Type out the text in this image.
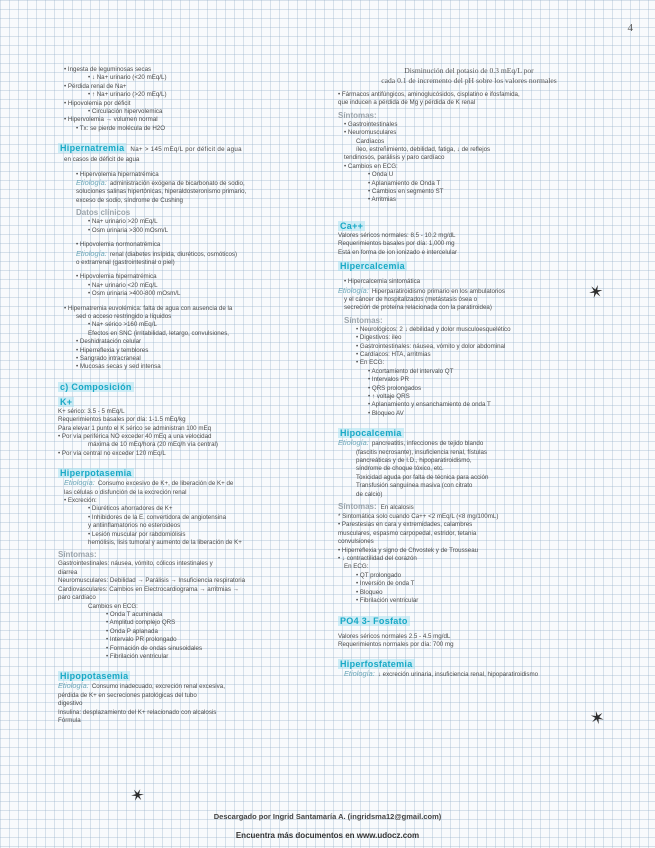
4
• Ingesta de leguminosas secas
• ↓ Na+ urinario (<20 mEq/L)
• Pérdida renal de Na+
• ↑ Na+ urinario (>20 mEq/L)
• Hipovolemia por déficit
• Circulación hipervolemica
• Hipervolemia → volumen normal
• Tx: se pierde molécula de H2O
Hipernatremia Na+ > 145 mEq/L por déficit de agua
en casos de déficit de agua
• Hipervolemia hipernatrémica
Etiología: administración exógena de bicarbonato de sodio,
soluciones salinas hipertónicas, hiperaldosteronismo primario,
exceso de sodio, síndrome de Cushing
Datos clínicos
• Na+ urinario >20 mEq/L
• Osm urinaria >300 mOsm/L
• Hipovolemia normonatrémica
Etiología: renal (diabetes insípida, diuréticos, osmóticos)
o extrarrenal (gastrointestinal o piel)
• Hipovolemia hipernatrémica
• Na+ urinario <20 mEq/L
• Osm urinaria >400-800 mOsm/L
• Hipernatremia euvolémica: falta de agua con ausencia de la
sed o acceso restringido a líquidos
• Na+ sérico >160 mEq/L
Efectos en SNC (irritabilidad, letargo, convulsiones,
• Deshidratación celular
• Hiperreflexia y temblores
• Sangrado intracraneal
• Mucosas secas y sed intensa
c) Composición
K+
K+ sérico: 3.5 - 5 mEq/L
Requerimientos basales por día: 1-1.5 mEq/kg
Para elevar 1 punto el K sérico se administran 100 mEq
• Por vía periférica NO exceder 40 mEq a una velocidad
máxima de 10 mEq/hora (20 mEq/h vía central)
• Por vía central no exceder 120 mEq/L
Hiperpotasemia
Etiología: Consumo excesivo de K+, de liberación de K+ de
las células o disfunción de la excreción renal
• Excreción:
• Diuréticos ahorradores de K+
• Inhibidores de la E. convertidora de angiotensina
y antiinflamatorios no esteroideos
• Lesión muscular por rabdomiólisis
hemólisis, lisis tumoral y aumento de la liberación de K+
Síntomas:
Gastrointestinales: náusea, vómito, cólicos intestinales y
diarrea
Neuromusculares: Debilidad → Parálisis → Insuficiencia respiratoria
Cardiovasculares: Cambios en Electrocardiograma → arritmias →
paro cardíaco
Cambios en ECG:
• Onda T acuminada
• Amplitud complejo QRS
• Onda P aplanada
• Intervalo PR prolongado
• Formación de ondas sinusoidales
• Fibrilación ventricular
Hipopotasemia
Etiología: Consumo inadecuado, excreción renal excesiva,
pérdida de K+ en secreciones patológicas del tubo
digestivo
Insulina: desplazamiento del K+ relacionado con alcalosis
Fórmula
Disminución del potasio de 0.3 mEq/L por
cada 0.1 de incremento del pH sobre los valores normales
• Fármacos antifúngicos, aminoglucósidos, cisplatino e ifosfamida,
que inducen a pérdida de Mg y pérdida de K renal
Síntomas:
• Gastrointestinales
• Neuromusculares
Cardíacos
íleo, estreñimiento, debilidad, fatiga, ↓ de reflejos
tendinosos, parálisis y paro cardíaco
• Cambios en ECG:
• Onda U
• Aplanamiento de Onda T
• Cambios en segmento ST
• Arritmias
Ca++
Valores séricos normales: 8.5 - 10.2 mg/dL
Requerimientos basales por día: 1,000 mg
Está en forma de ion ionizado e intercelular
Hipercalcemia
• Hipercalcemia sintomática
Etiología: Hiperparatiroidismo primario en los ambulatorios
y el cáncer de hospitalizados (metástasis ósea o
secreción de proteína relacionada con la paratiroidea)
Síntomas:
• Neurológicos: 2 ↓ debilidad y dolor musculoesquelético
• Digestivos: ileo
• Gastrointestinales: náusea, vómito y dolor abdominal
• Cardíacos: HTA, arritmias
• En ECG:
• Acortamiento del intervalo QT
• Intervalos PR
• QRS prolongados
• ↑ voltaje QRS
• Aplanamiento y ensanchamiento de onda T
• Bloqueo AV
Hipocalcemia
Etiología: pancreatitis, infecciones de tejido blando
(fascitis necrosante), insuficiencia renal, fístulas
pancreáticas y de I.D., hipoparatiroidismo,
síndrome de choque tóxico, etc.
Toxicidad aguda por falta de técnica para acción
Transfusión sanguínea masiva (con citrato
de calcio)
Síntomas: En alcalosis
* Sintomática solo cuando Ca++ <2 mEq/L (<8 mg/100mL)
• Parestesias en cara y extremidades, calambres
musculares, espasmo carpopedal, estridor, tetania
convulsiones
• Hiperreflexia y signo de Chvostek y de Trousseau
• ↓ contractilidad del corazón
En ECG:
• QT prolongado
• Inversión de onda T
• Bloqueo
• Fibrilación ventricular
PO4 3- Fosfato
Valores séricos normales 2.5 - 4.5 mg/dL
Requerimientos normales por día: 700 mg
Hiperfosfatemia
Etiología: ↓ excreción urinaria, insuficiencia renal, hipoparatiroidismo
✶
✶
✶
Descargado por Ingrid Santamaría A. (ingridsma12@gmail.com)
Encuentra más documentos en www.udocz.com
